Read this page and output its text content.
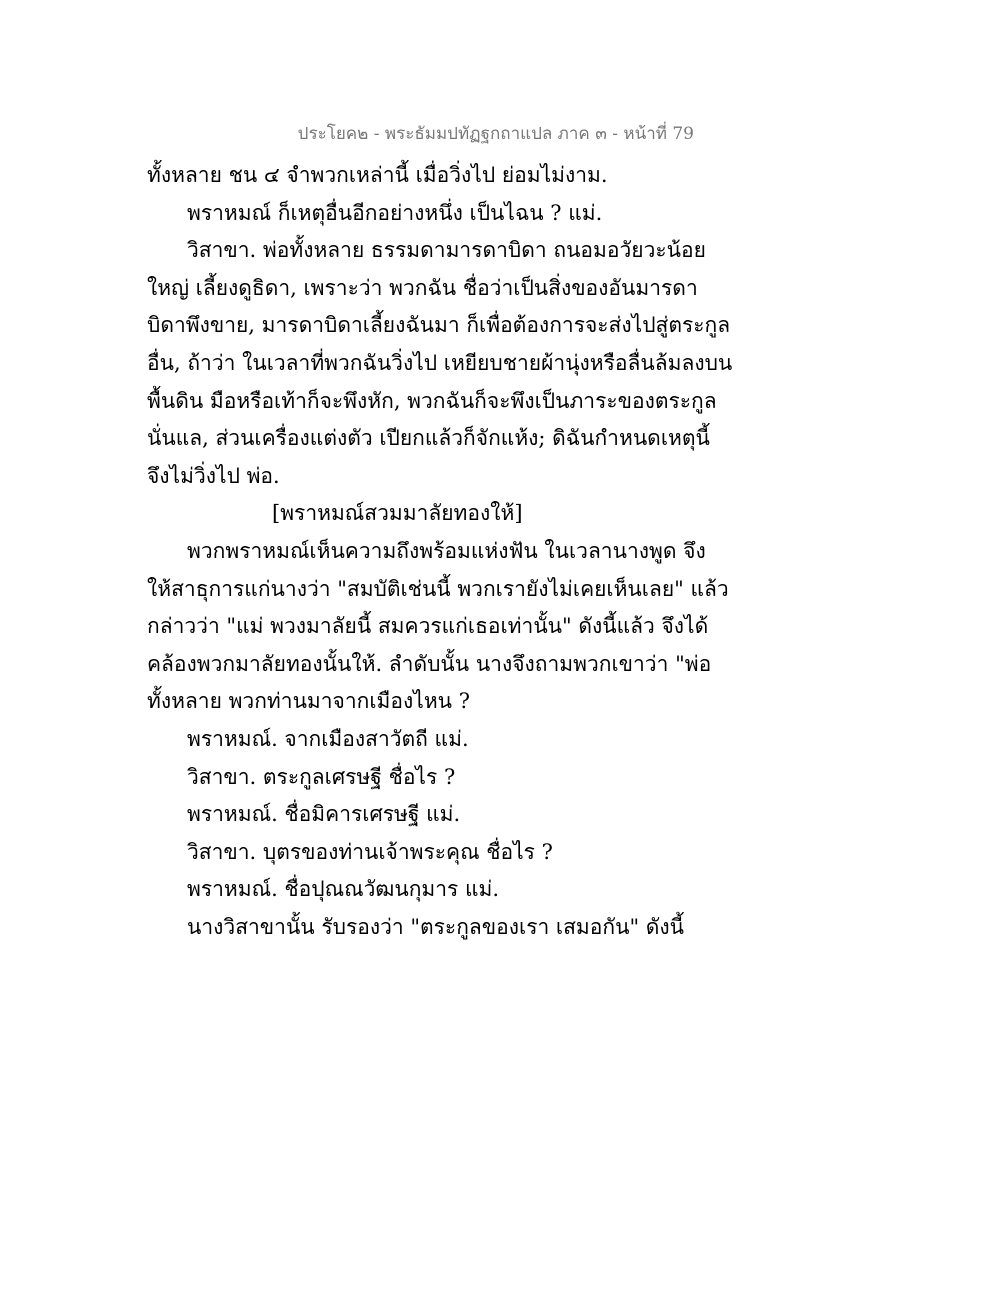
ประโยค๒ - พระธัมมปทัฏฐกถาแปล ภาค ๓ - หน้าที่ 79
ทั้งหลาย ชน ๔ จำพวกเหล่านี้ เมื่อวิ่งไป ย่อมไม่งาม.
พราหมณ์ ก็เหตุอื่นอีกอย่างหนึ่ง เป็นไฉน ? แม่.
วิสาขา. พ่อทั้งหลาย ธรรมดามารดาบิดา ถนอมอวัยวะน้อย
ใหญ่ เลี้ยงดูธิดา, เพราะว่า พวกฉัน ชื่อว่าเป็นสิ่งของอันมารดา
บิดาพึงขาย, มารดาบิดาเลี้ยงฉันมา ก็เพื่อต้องการจะส่งไปสู่ตระกูล
อื่น, ถ้าว่า ในเวลาที่พวกฉันวิ่งไป เหยียบชายผ้านุ่งหรือลื่นล้มลงบน
พื้นดิน มือหรือเท้าก็จะพึงหัก, พวกฉันก็จะพึงเป็นภาระของตระกูล
นั่นแล, ส่วนเครื่องแต่งตัว เปียกแล้วก็จักแห้ง; ดิฉันกำหนดเหตุนี้
จึงไม่วิ่งไป พ่อ.
[พราหมณ์สวมมาลัยทองให้]
พวกพราหมณ์เห็นความถึงพร้อมแห่งฟัน ในเวลานางพูด จึง
ให้สาธุการแก่นางว่า "สมบัติเช่นนี้ พวกเรายังไม่เคยเห็นเลย" แล้ว
กล่าวว่า "แม่ พวงมาลัยนี้ สมควรแก่เธอเท่านั้น" ดังนี้แล้ว จึงได้
คล้องพวกมาลัยทองนั้นให้. ลำดับนั้น นางจึงถามพวกเขาว่า "พ่อ
ทั้งหลาย พวกท่านมาจากเมืองไหน ?
พราหมณ์. จากเมืองสาวัตถี แม่.
วิสาขา. ตระกูลเศรษฐี ชื่อไร ?
พราหมณ์. ชื่อมิคารเศรษฐี แม่.
วิสาขา. บุตรของท่านเจ้าพระคุณ ชื่อไร ?
พราหมณ์. ชื่อปุณณวัฒนกุมาร แม่.
นางวิสาขานั้น รับรองว่า "ตระกูลของเรา เสมอกัน" ดังนี้
